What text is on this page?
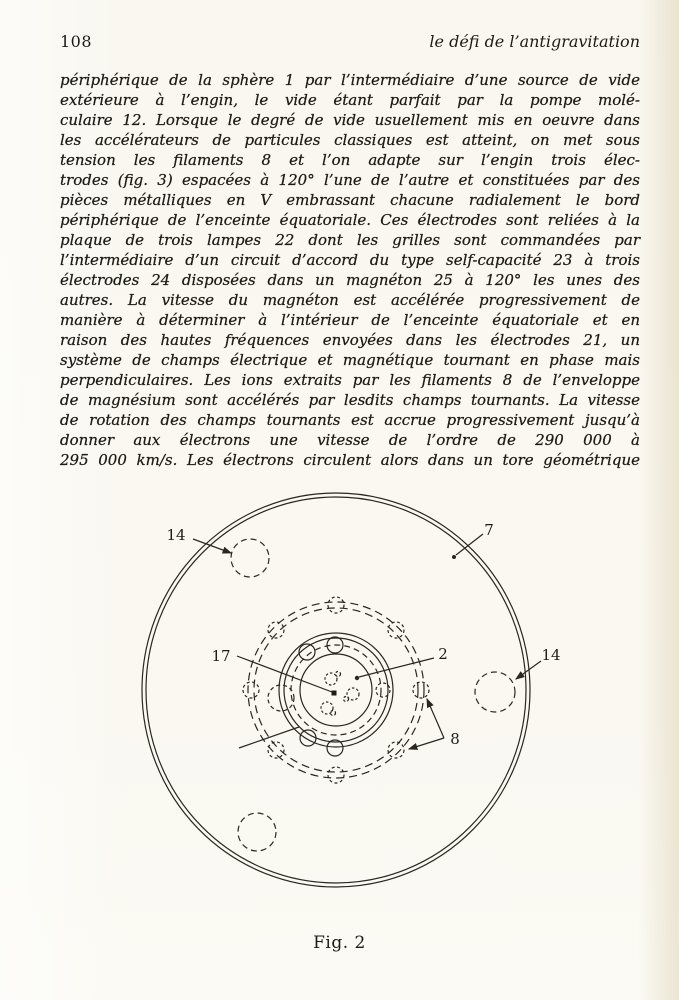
108	le défi de l’antigravitation
périphérique de la sphère 1 par l’intermédiaire d’une source de vide
extérieure à l’engin, le vide étant parfait par la pompe molé-
culaire 12. Lorsque le degré de vide usuellement mis en oeuvre dans
les accélérateurs de particules classiques est atteint, on met sous
tension les filaments 8 et l’on adapte sur l’engin trois élec-
trodes (fig. 3) espacées à 120° l’une de l’autre et constituées par des
pièces métalliques en V embrassant chacune radialement le bord
périphérique de l’enceinte équatoriale. Ces électrodes sont reliées à la
plaque de trois lampes 22 dont les grilles sont commandées par
l’intermédiaire d’un circuit d’accord du type self-capacité 23 à trois
électrodes 24 disposées dans un magnéton 25 à 120° les unes des
autres. La vitesse du magnéton est accélérée progressivement de
manière à déterminer à l’intérieur de l’enceinte équatoriale et en
raison des hautes fréquences envoyées dans les électrodes 21, un
système de champs électrique et magnétique tournant en phase mais
perpendiculaires. Les ions extraits par les filaments 8 de l’enveloppe
de magnésium sont accélérés par lesdits champs tournants. La vitesse
de rotation des champs tournants est accrue progressivement jusqu’à
donner aux électrons une vitesse de l’ordre de 290 000 à
295 000 km/s. Les électrons circulent alors dans un tore géométrique
14	7
17	2	14
8
Fig. 2
